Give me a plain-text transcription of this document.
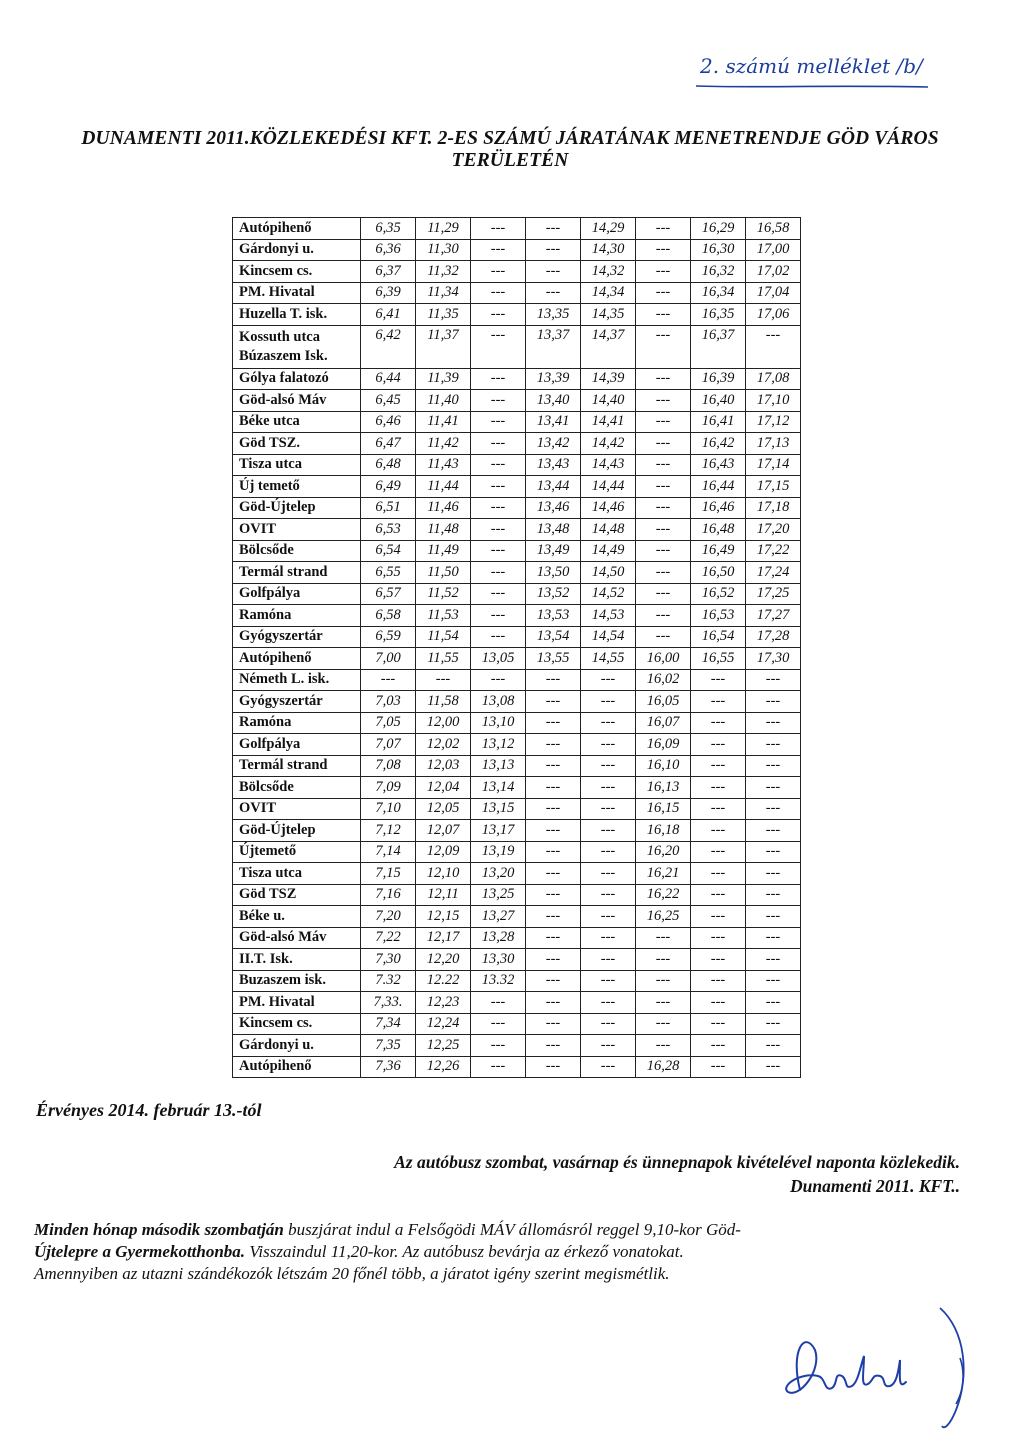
2. számú melléklet /b/
DUNAMENTI 2011.KÖZLEKEDÉSI KFT. 2-ES SZÁMÚ JÁRATÁNAK MENETRENDJE GÖD VÁROS
TERÜLETÉN
Autópihenő	6,35	11,29	---	---	14,29	---	16,29	16,58
Gárdonyi u.	6,36	11,30	---	---	14,30	---	16,30	17,00
Kincsem cs.	6,37	11,32	---	---	14,32	---	16,32	17,02
PM. Hivatal	6,39	11,34	---	---	14,34	---	16,34	17,04
Huzella T. isk.	6,41	11,35	---	13,35	14,35	---	16,35	17,06
Kossuth utca
Búzaszem Isk.	6,42	11,37	---	13,37	14,37	---	16,37	---
Gólya falatozó	6,44	11,39	---	13,39	14,39	---	16,39	17,08
Göd-alsó Máv	6,45	11,40	---	13,40	14,40	---	16,40	17,10
Béke utca	6,46	11,41	---	13,41	14,41	---	16,41	17,12
Göd TSZ.	6,47	11,42	---	13,42	14,42	---	16,42	17,13
Tisza utca	6,48	11,43	---	13,43	14,43	---	16,43	17,14
Új temető	6,49	11,44	---	13,44	14,44	---	16,44	17,15
Göd-Újtelep	6,51	11,46	---	13,46	14,46	---	16,46	17,18
OVIT	6,53	11,48	---	13,48	14,48	---	16,48	17,20
Bölcsőde	6,54	11,49	---	13,49	14,49	---	16,49	17,22
Termál strand	6,55	11,50	---	13,50	14,50	---	16,50	17,24
Golfpálya	6,57	11,52	---	13,52	14,52	---	16,52	17,25
Ramóna	6,58	11,53	---	13,53	14,53	---	16,53	17,27
Gyógyszertár	6,59	11,54	---	13,54	14,54	---	16,54	17,28
Autópihenő	7,00	11,55	13,05	13,55	14,55	16,00	16,55	17,30
Németh L. isk.	---	---	---	---	---	16,02	---	---
Gyógyszertár	7,03	11,58	13,08	---	---	16,05	---	---
Ramóna	7,05	12,00	13,10	---	---	16,07	---	---
Golfpálya	7,07	12,02	13,12	---	---	16,09	---	---
Termál strand	7,08	12,03	13,13	---	---	16,10	---	---
Bölcsőde	7,09	12,04	13,14	---	---	16,13	---	---
OVIT	7,10	12,05	13,15	---	---	16,15	---	---
Göd-Újtelep	7,12	12,07	13,17	---	---	16,18	---	---
Újtemető	7,14	12,09	13,19	---	---	16,20	---	---
Tisza utca	7,15	12,10	13,20	---	---	16,21	---	---
Göd TSZ	7,16	12,11	13,25	---	---	16,22	---	---
Béke u.	7,20	12,15	13,27	---	---	16,25	---	---
Göd-alsó Máv	7,22	12,17	13,28	---	---	---	---	---
II.T. Isk.	7,30	12,20	13,30	---	---	---	---	---
Buzaszem isk.	7.32	12.22	13.32	---	---	---	---	---
PM. Hivatal	7,33.	12,23	---	---	---	---	---	---
Kincsem cs.	7,34	12,24	---	---	---	---	---	---
Gárdonyi u.	7,35	12,25	---	---	---	---	---	---
Autópihenő	7,36	12,26	---	---	---	16,28	---	---
Érvényes 2014. február 13.-tól
Az autóbusz szombat, vasárnap és ünnepnapok kivételével naponta közlekedik.
Dunamenti 2011. KFT..
Minden hónap második szombatján buszjárat indul a Felsőgödi MÁV állomásról reggel 9,10-kor Göd-
Újtelepre a Gyermekotthonba. Visszaindul 11,20-kor. Az autóbusz bevárja az érkező vonatokat.
Amennyiben az utazni szándékozók létszám 20 főnél több, a járatot igény szerint megismétlik.
